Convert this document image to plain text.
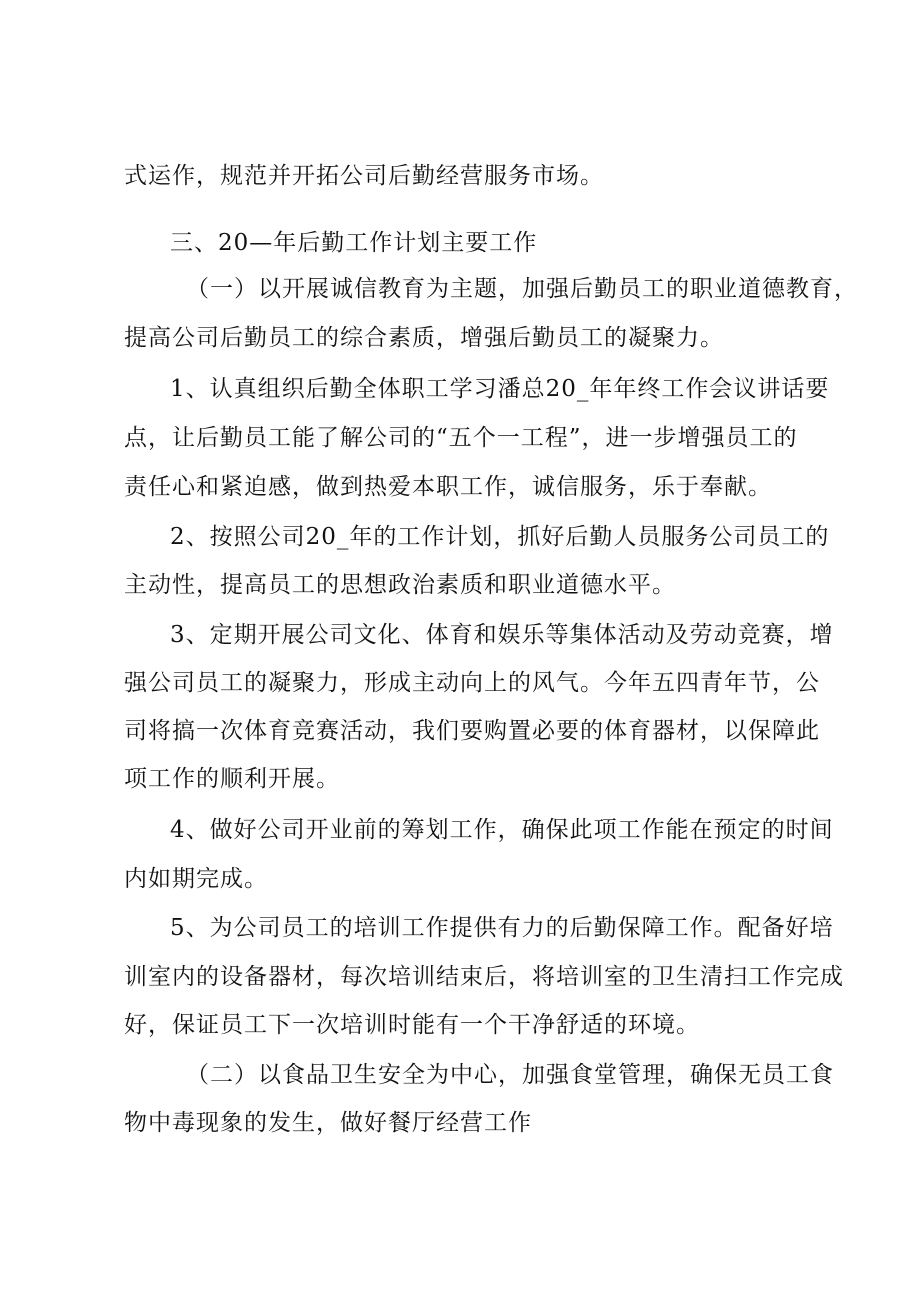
式运作，规范并开拓公司后勤经营服务市场。
三、20—年后勤工作计划主要工作
（一）以开展诚信教育为主题，加强后勤员工的职业道德教育，
提高公司后勤员工的综合素质，增强后勤员工的凝聚力。
1、认真组织后勤全体职工学习潘总20_年年终工作会议讲话要
点，让后勤员工能了解公司的“五个一工程”，进一步增强员工的
责任心和紧迫感，做到热爱本职工作，诚信服务，乐于奉献。
2、按照公司20_年的工作计划，抓好后勤人员服务公司员工的
主动性，提高员工的思想政治素质和职业道德水平。
3、定期开展公司文化、体育和娱乐等集体活动及劳动竞赛，增
强公司员工的凝聚力，形成主动向上的风气。今年五四青年节，公
司将搞一次体育竞赛活动，我们要购置必要的体育器材，以保障此
项工作的顺利开展。
4、做好公司开业前的筹划工作，确保此项工作能在预定的时间
内如期完成。
5、为公司员工的培训工作提供有力的后勤保障工作。配备好培
训室内的设备器材，每次培训结束后，将培训室的卫生清扫工作完成
好，保证员工下一次培训时能有一个干净舒适的环境。
（二）以食品卫生安全为中心，加强食堂管理，确保无员工食
物中毒现象的发生，做好餐厅经营工作
